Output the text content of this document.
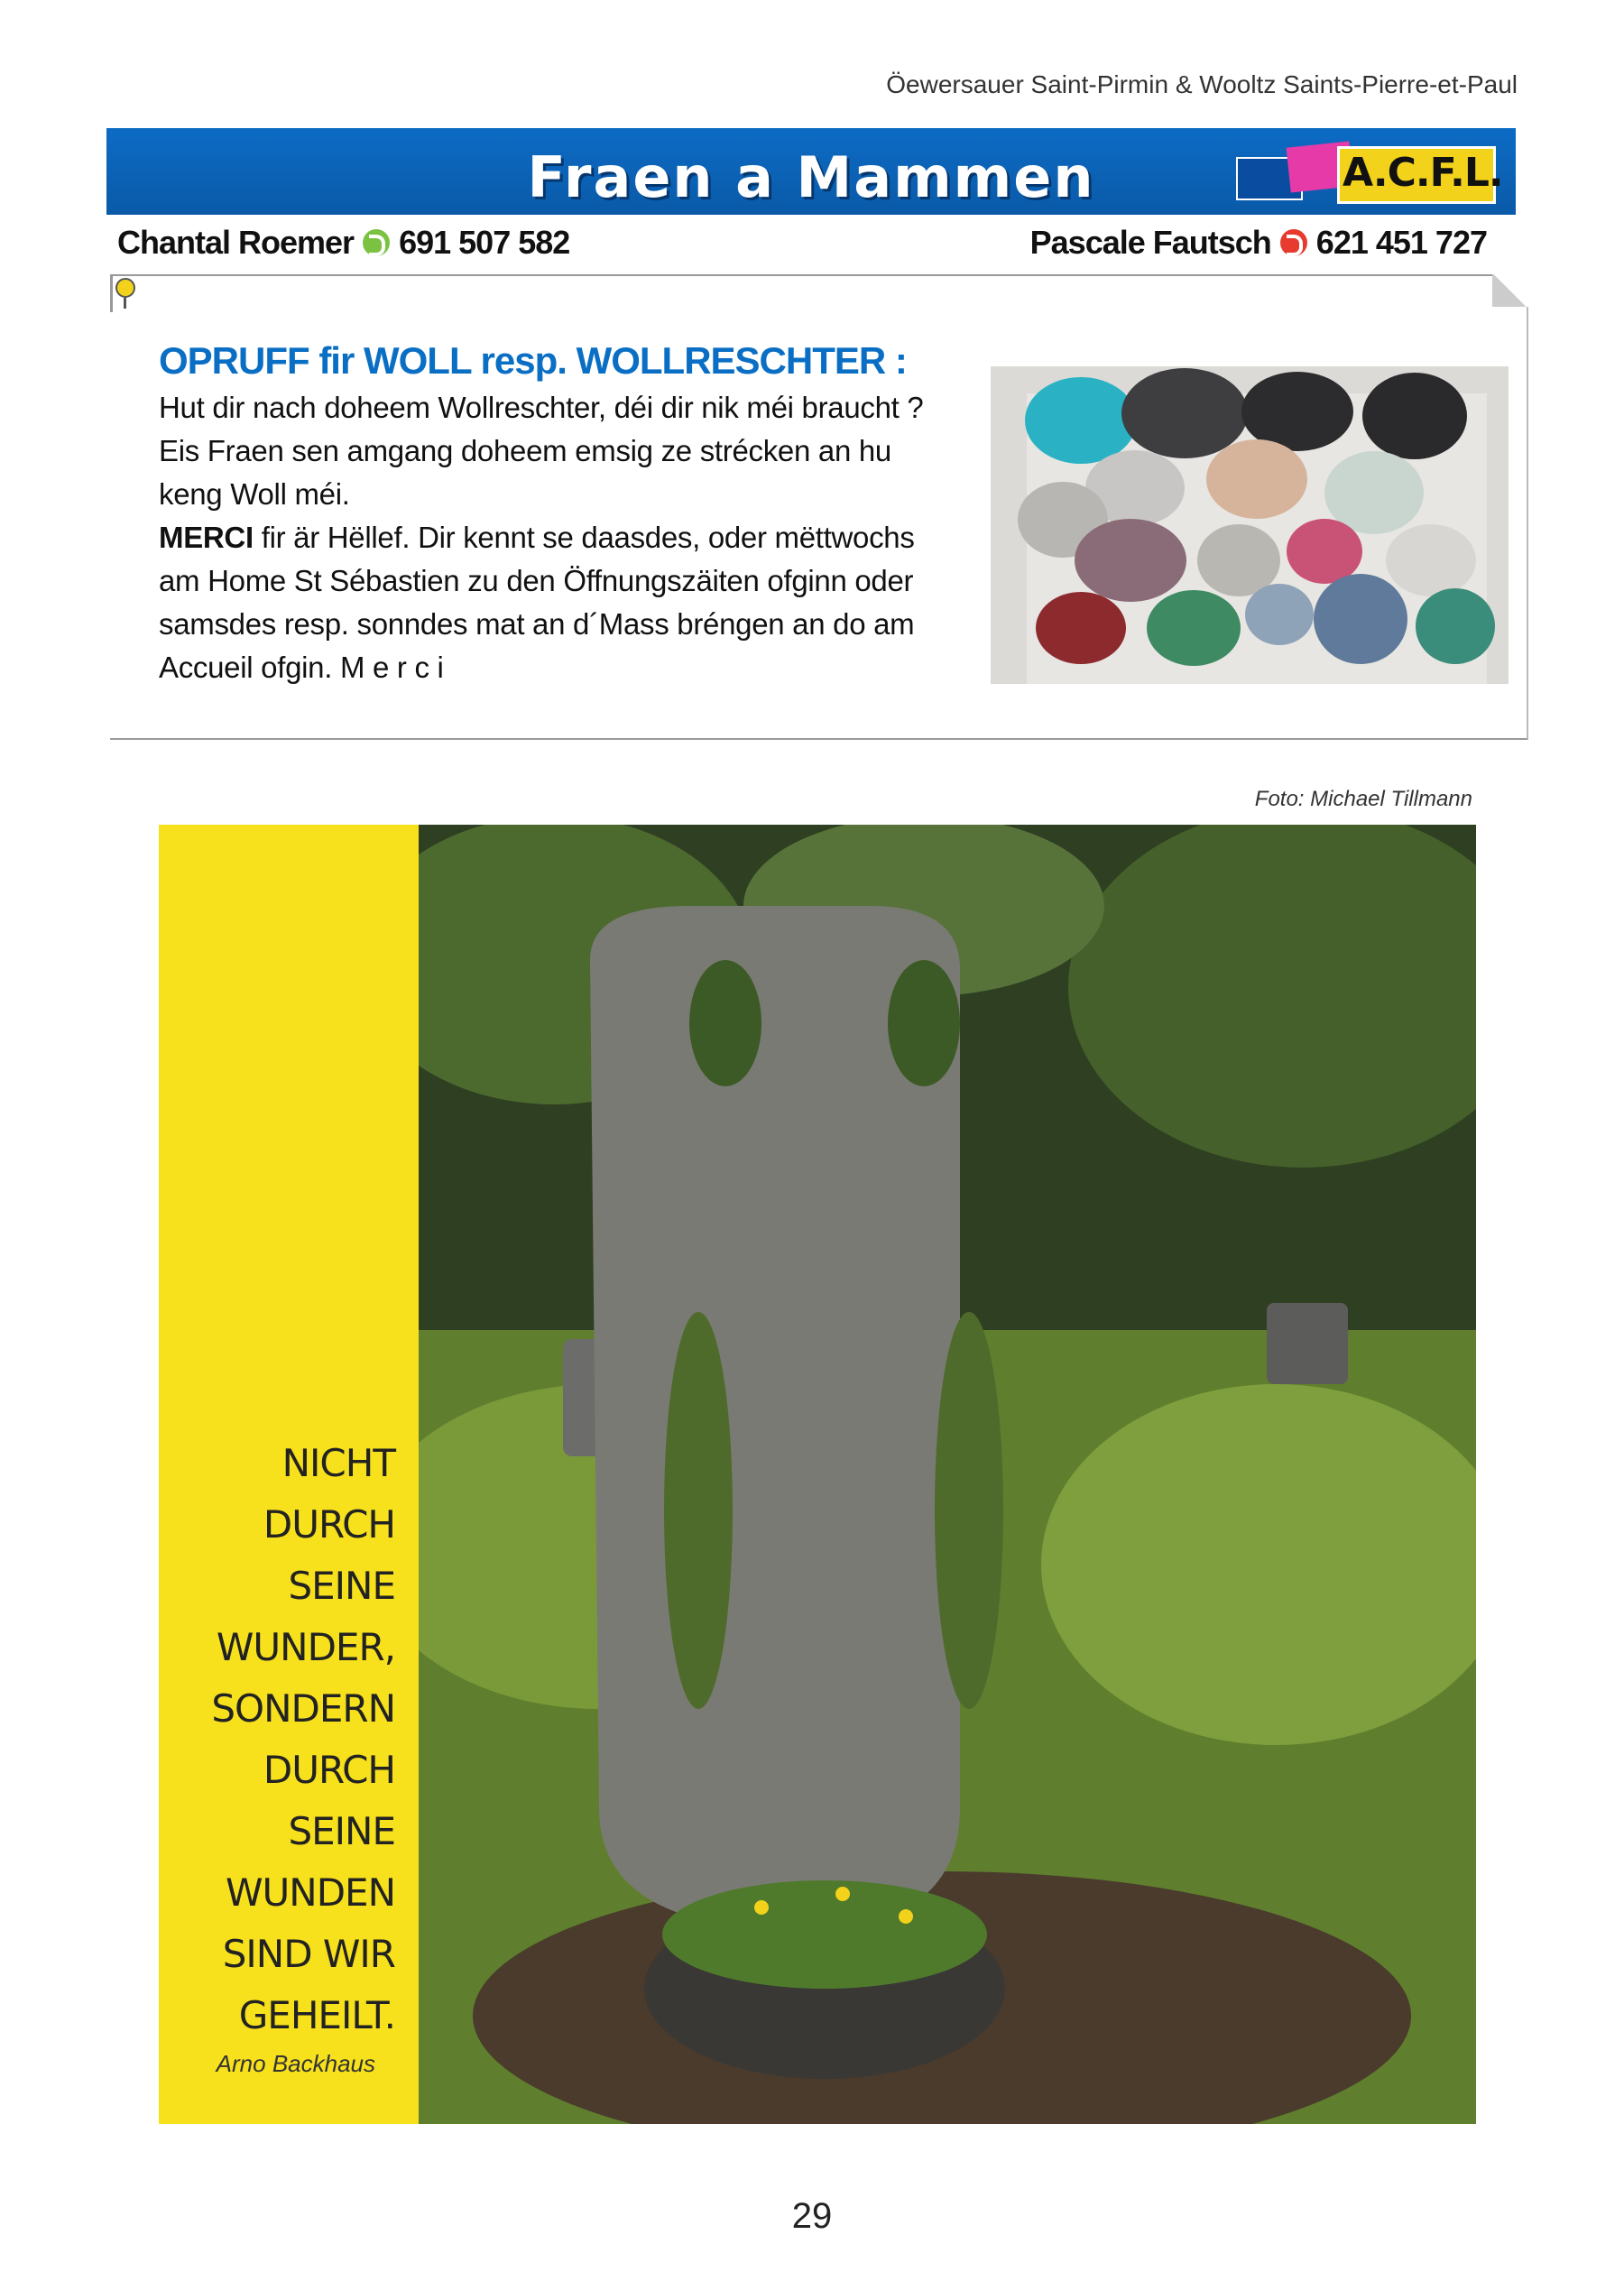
Öewersauer Saint-Pirmin & Wooltz Saints-Pierre-et-Paul
Fraen a Mammen	A.C.F.L.
Chantal Roemer 691 507 582	Pascale Fautsch 621 451 727
OPRUFF fir WOLL resp. WOLLRESCHTER :
Hut dir nach doheem Wollreschter, déi dir nik méi braucht ?
Eis Fraen sen amgang doheem emsig ze strécken an hu
keng Woll méi.
MERCI fir är Hëllef. Dir kennt se daasdes, oder mëttwochs
am Home St Sébastien zu den Öffnungszäiten ofginn oder
samsdes resp. sonndes mat an d´Mass bréngen an do am
Accueil ofgin. M e r c i
Foto: Michael Tillmann
NICHT
DURCH
SEINE
WUNDER,
SONDERN
DURCH
SEINE
WUNDEN
SIND WIR
GEHEILT.
Arno Backhaus
29
